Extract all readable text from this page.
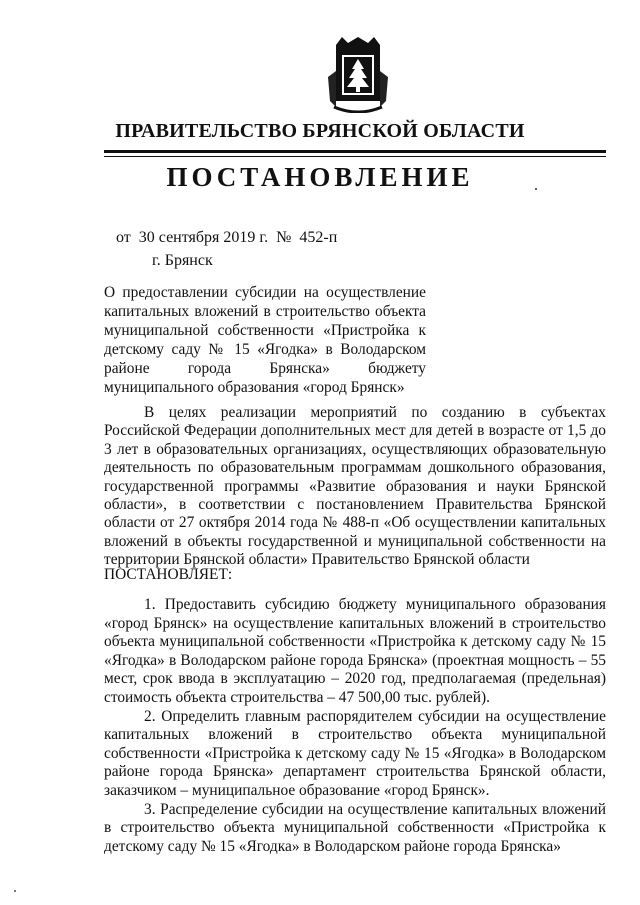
ПРАВИТЕЛЬСТВО БРЯНСКОЙ ОБЛАСТИ
ПОСТАНОВЛЕНИЕ
от  30 сентября 2019 г.  №  452-п
г. Брянск
О предоставлении субсидии на осуществление капитальных вложений в строительство объекта муниципальной собственности «Пристройка к детскому саду № 15 «Ягодка» в Володарском районе города Брянска» бюджету муниципального образования «город Брянск»
В целях реализации мероприятий по созданию в субъектах Российской Федерации дополнительных мест для детей в возрасте от 1,5 до 3 лет в образовательных организациях, осуществляющих образовательную деятельность по образовательным программам дошкольного образования, государственной программы «Развитие образования и науки Брянской области», в соответствии с постановлением Правительства Брянской области от 27 октября 2014 года № 488-п «Об осуществлении капитальных вложений в объекты государственной и муниципальной собственности на территории Брянской области» Правительство Брянской области
ПОСТАНОВЛЯЕТ:

1. Предоставить субсидию бюджету муниципального образования «город Брянск» на осуществление капитальных вложений в строительство объекта муниципальной собственности «Пристройка к детскому саду № 15 «Ягодка» в Володарском районе города Брянска» (проектная мощность – 55 мест, срок ввода в эксплуатацию – 2020 год, предполагаемая (предельная) стоимость объекта строительства – 47 500,00 тыс. рублей).

2. Определить главным распорядителем субсидии на осуществление капитальных вложений в строительство объекта муниципальной собственности «Пристройка к детскому саду № 15 «Ягодка» в Володарском районе города Брянска» департамент строительства Брянской области, заказчиком – муниципальное образование «город Брянск».

3. Распределение субсидии на осуществление капитальных вложений в строительство объекта муниципальной собственности «Пристройка к детскому саду № 15 «Ягодка» в Володарском районе города Брянска»
